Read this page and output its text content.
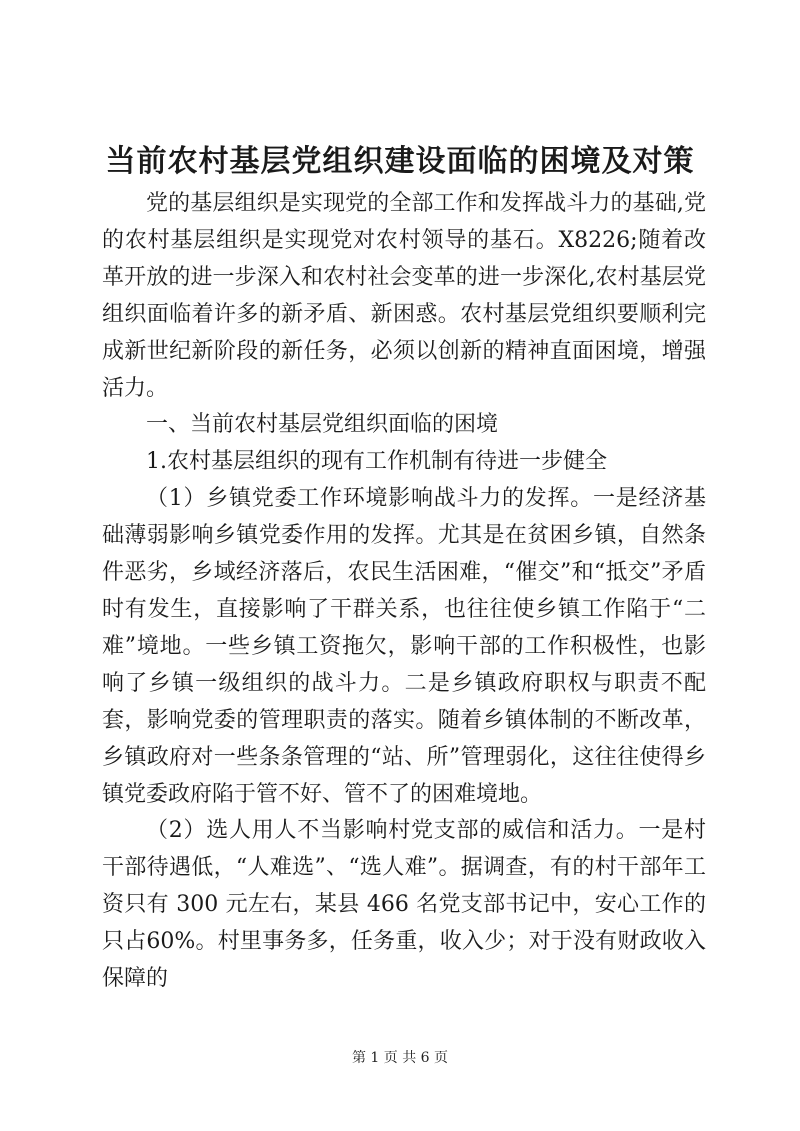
当前农村基层党组织建设面临的困境及对策

党的基层组织是实现党的全部工作和发挥战斗力的基础,党的农村基层组织是实现党对农村领导的基石。X8226;随着改革开放的进一步深入和农村社会变革的进一步深化,农村基层党组织面临着许多的新矛盾、新困惑。农村基层党组织要顺利完成新世纪新阶段的新任务，必须以创新的精神直面困境，增强活力。

一、当前农村基层党组织面临的困境

1.农村基层组织的现有工作机制有待进一步健全

（1）乡镇党委工作环境影响战斗力的发挥。一是经济基础薄弱影响乡镇党委作用的发挥。尤其是在贫困乡镇，自然条件恶劣，乡域经济落后，农民生活困难，“催交”和“抵交”矛盾时有发生，直接影响了干群关系，也往往使乡镇工作陷于“二难”境地。一些乡镇工资拖欠，影响干部的工作积极性，也影响了乡镇一级组织的战斗力。二是乡镇政府职权与职责不配套，影响党委的管理职责的落实。随着乡镇体制的不断改革，乡镇政府对一些条条管理的“站、所”管理弱化，这往往使得乡镇党委政府陷于管不好、管不了的困难境地。

（2）选人用人不当影响村党支部的威信和活力。一是村干部待遇低，“人难选”、“选人难”。据调查，有的村干部年工资只有 300 元左右，某县 466 名党支部书记中，安心工作的只占60%。村里事务多，任务重，收入少；对于没有财政收入保障的

第 1 页 共 6 页
